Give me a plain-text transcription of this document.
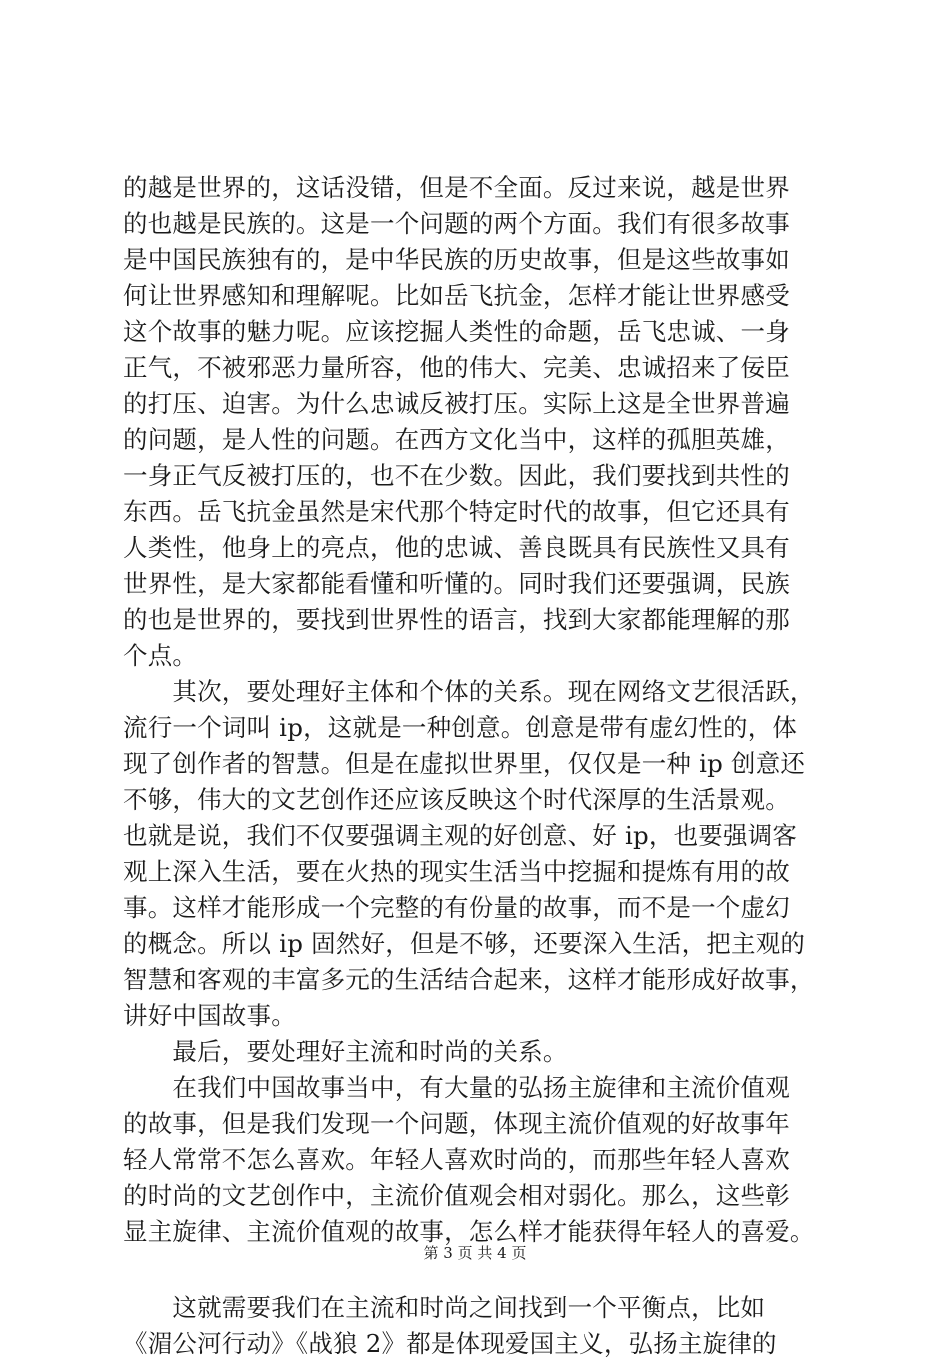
的越是世界的，这话没错，但是不全面。反过来说，越是世界
的也越是民族的。这是一个问题的两个方面。我们有很多故事
是中国民族独有的，是中华民族的历史故事，但是这些故事如
何让世界感知和理解呢。比如岳飞抗金，怎样才能让世界感受
这个故事的魅力呢。应该挖掘人类性的命题，岳飞忠诚、一身
正气，不被邪恶力量所容，他的伟大、完美、忠诚招来了佞臣
的打压、迫害。为什么忠诚反被打压。实际上这是全世界普遍
的问题，是人性的问题。在西方文化当中，这样的孤胆英雄，
一身正气反被打压的，也不在少数。因此，我们要找到共性的
东西。岳飞抗金虽然是宋代那个特定时代的故事，但它还具有
人类性，他身上的亮点，他的忠诚、善良既具有民族性又具有
世界性，是大家都能看懂和听懂的。同时我们还要强调，民族
的也是世界的，要找到世界性的语言，找到大家都能理解的那
个点。
　　其次，要处理好主体和个体的关系。现在网络文艺很活跃，
流行一个词叫 ip，这就是一种创意。创意是带有虚幻性的，体
现了创作者的智慧。但是在虚拟世界里，仅仅是一种 ip 创意还
不够，伟大的文艺创作还应该反映这个时代深厚的生活景观。
也就是说，我们不仅要强调主观的好创意、好 ip，也要强调客
观上深入生活，要在火热的现实生活当中挖掘和提炼有用的故
事。这样才能形成一个完整的有份量的故事，而不是一个虚幻
的概念。所以 ip 固然好，但是不够，还要深入生活，把主观的
智慧和客观的丰富多元的生活结合起来，这样才能形成好故事，
讲好中国故事。
　　最后，要处理好主流和时尚的关系。
　　在我们中国故事当中，有大量的弘扬主旋律和主流价值观
的故事，但是我们发现一个问题，体现主流价值观的好故事年
轻人常常不怎么喜欢。年轻人喜欢时尚的，而那些年轻人喜欢
的时尚的文艺创作中，主流价值观会相对弱化。那么，这些彰
显主旋律、主流价值观的故事，怎么样才能获得年轻人的喜爱。
　　这就需要我们在主流和时尚之间找到一个平衡点，比如
《湄公河行动》《战狼 2》都是体现爱国主义，弘扬主旋律的
第 3 页 共 4 页
